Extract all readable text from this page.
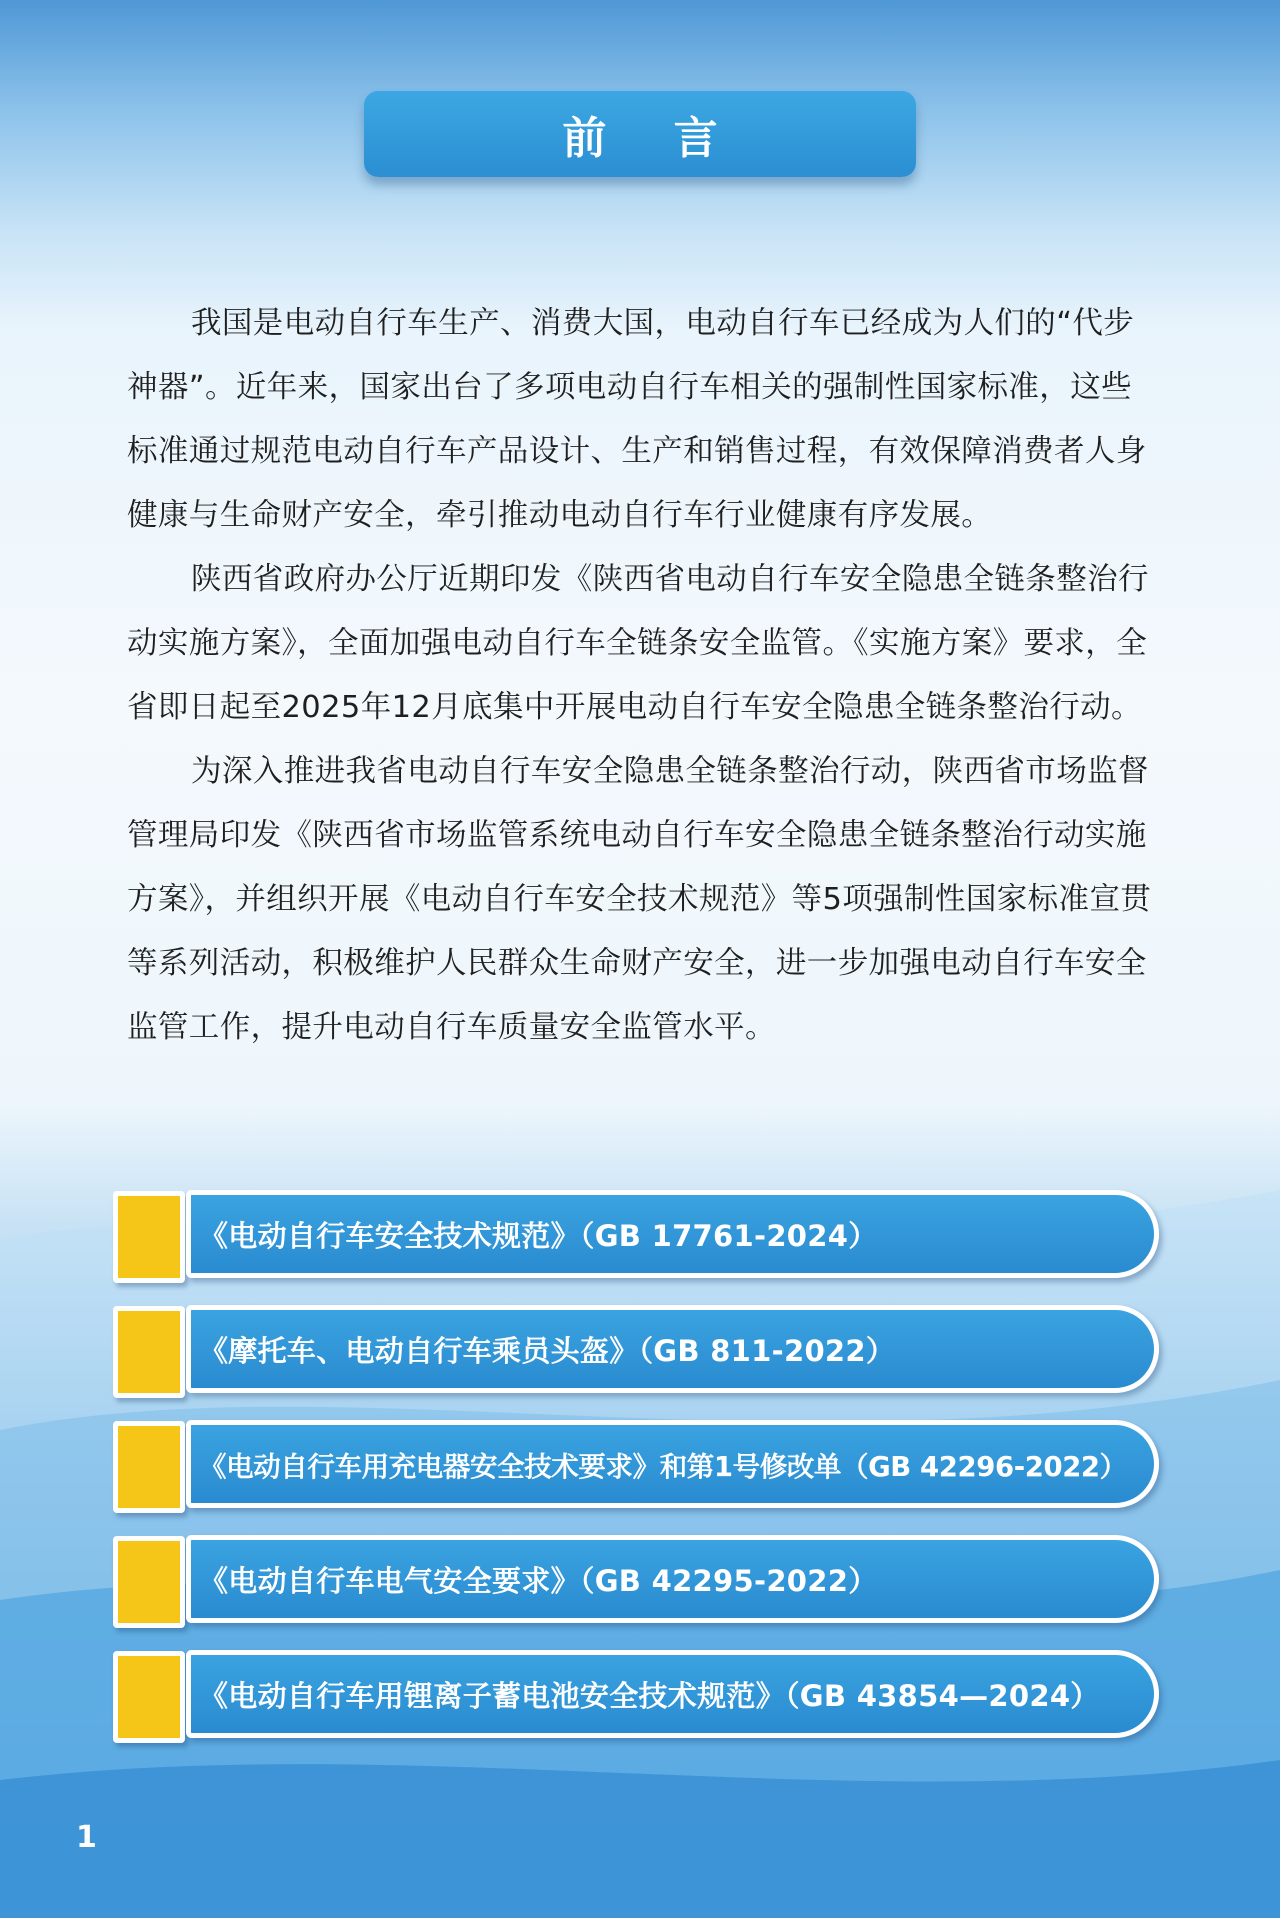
前 言

我国是电动自行车生产、消费大国，电动自行车已经成为人们的“代步神器”。近年来，国家出台了多项电动自行车相关的强制性国家标准，这些标准通过规范电动自行车产品设计、生产和销售过程，有效保障消费者人身健康与生命财产安全，牵引推动电动自行车行业健康有序发展。

陕西省政府办公厅近期印发《陕西省电动自行车安全隐患全链条整治行动实施方案》，全面加强电动自行车全链条安全监管。《实施方案》要求，全省即日起至2025年12月底集中开展电动自行车安全隐患全链条整治行动。

为深入推进我省电动自行车安全隐患全链条整治行动，陕西省市场监督管理局印发《陕西省市场监管系统电动自行车安全隐患全链条整治行动实施方案》，并组织开展《电动自行车安全技术规范》等5项强制性国家标准宣贯等系列活动，积极维护人民群众生命财产安全，进一步加强电动自行车安全监管工作，提升电动自行车质量安全监管水平。

《电动自行车安全技术规范》（GB 17761-2024）
《摩托车、电动自行车乘员头盔》（GB 811-2022）
《电动自行车用充电器安全技术要求》和第1号修改单（GB 42296-2022）
《电动自行车电气安全要求》（GB 42295-2022）
《电动自行车用锂离子蓄电池安全技术规范》（GB 43854—2024）
1
